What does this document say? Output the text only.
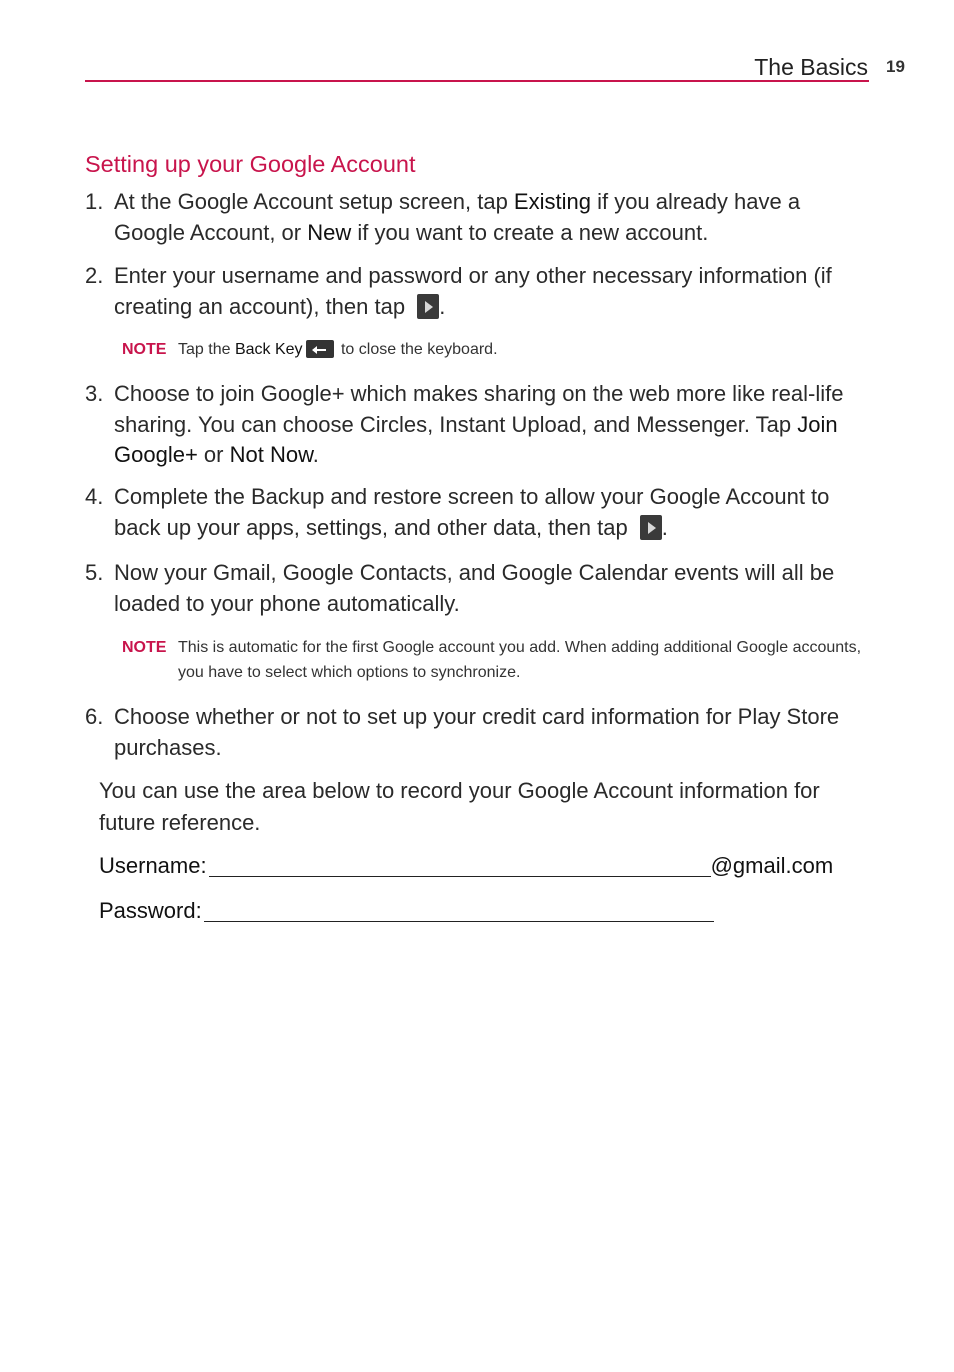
The Basics 19
Setting up your Google Account
1. At the Google Account setup screen, tap Existing if you already have a Google Account, or New if you want to create a new account.
2. Enter your username and password or any other necessary information (if creating an account), then tap .
NOTE Tap the Back Key to close the keyboard.
3. Choose to join Google+ which makes sharing on the web more like real-life sharing. You can choose Circles, Instant Upload, and Messenger. Tap Join Google+ or Not Now.
4. Complete the Backup and restore screen to allow your Google Account to back up your apps, settings, and other data, then tap .
5. Now your Gmail, Google Contacts, and Google Calendar events will all be loaded to your phone automatically.
NOTE This is automatic for the first Google account you add. When adding additional Google accounts, you have to select which options to synchronize.
6. Choose whether or not to set up your credit card information for Play Store purchases.
You can use the area below to record your Google Account information for future reference.
Username:	@gmail.com
Password:
